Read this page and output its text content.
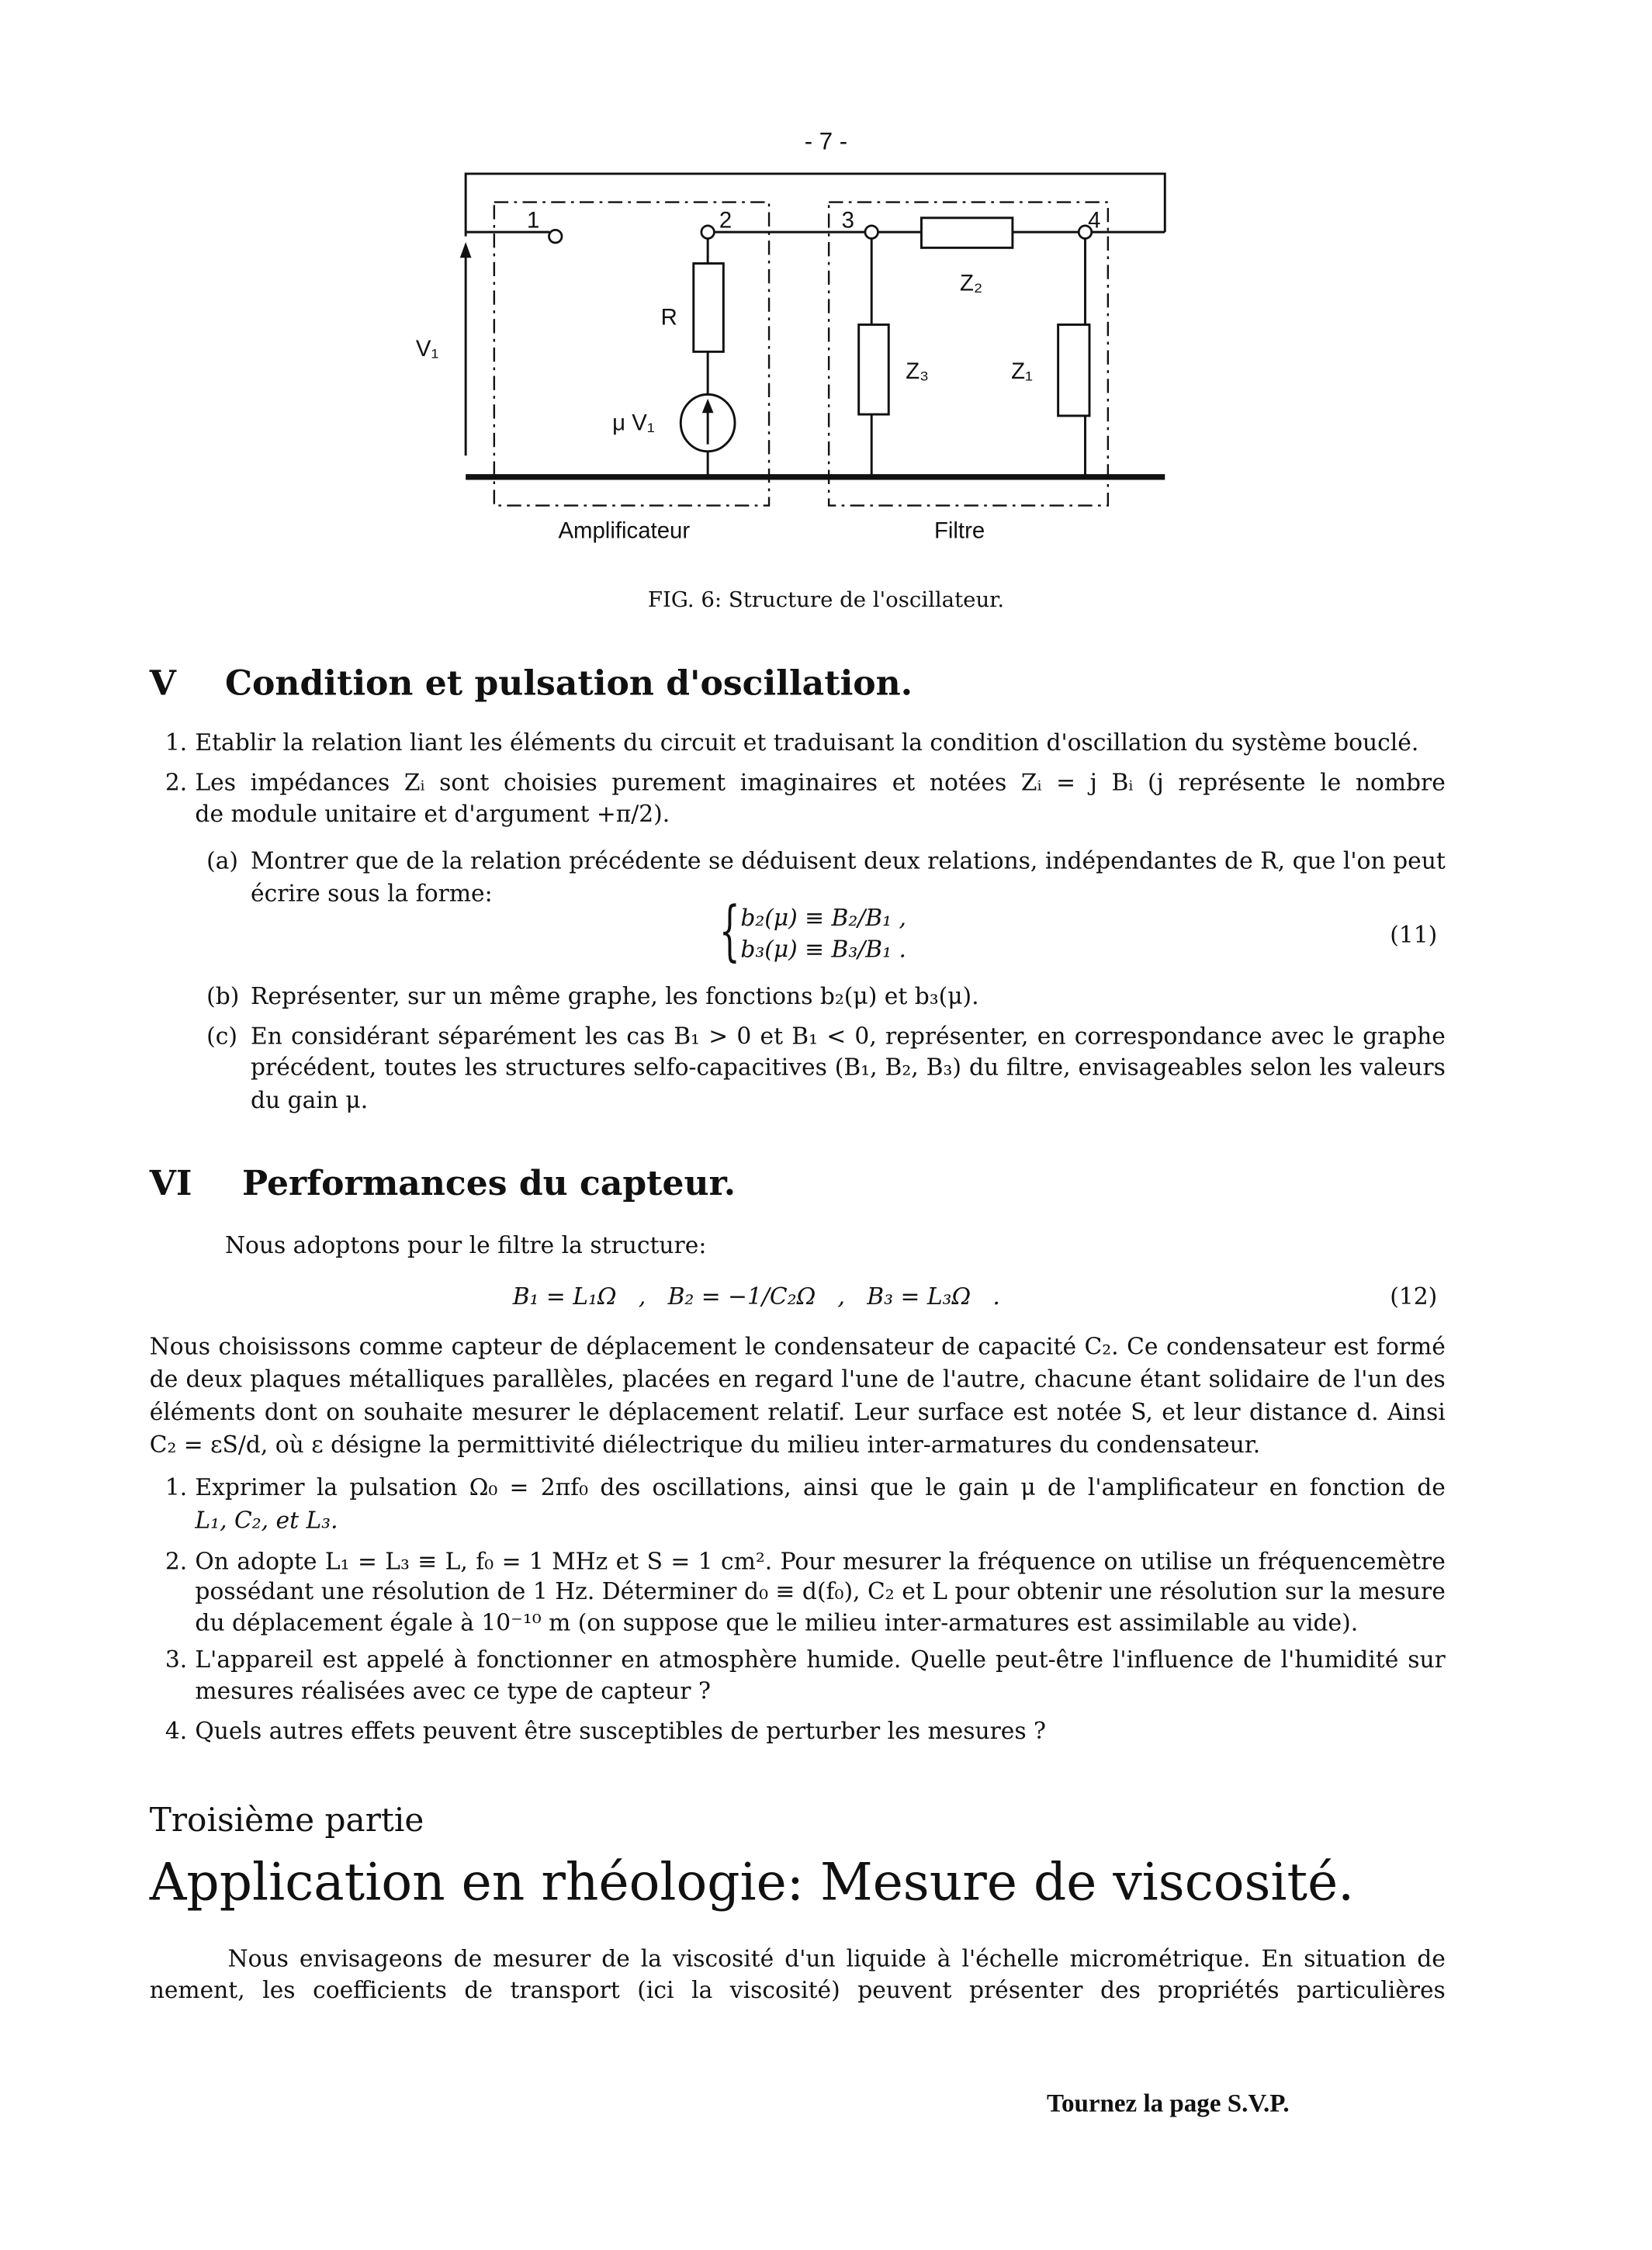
- 7 -
1	2	3	4
V₁
R
μ V₁
Z₂
Z₃	Z₁
Amplificateur	Filtre
FIG. 6: Structure de l'oscillateur.
V	Condition et pulsation d'oscillation.
1. Etablir la relation liant les éléments du circuit et traduisant la condition d'oscillation du système bouclé.
2. Les impédances Zᵢ sont choisies purement imaginaires et notées Zᵢ = j Bᵢ (j représente le nombre
de module unitaire et d'argument +π/2).
(a) Montrer que de la relation précédente se déduisent deux relations, indépendantes de R, que l'on peut
écrire sous la forme:	{ b₂(μ) ≡ B₂/B₁ ,
b₃(μ) ≡ B₃/B₁ .
(11)
(b) Représenter, sur un même graphe, les fonctions b₂(μ) et b₃(μ).
(c) En considérant séparément les cas B₁ > 0 et B₁ < 0, représenter, en correspondance avec le graphe
précédent, toutes les structures selfo-capacitives (B₁, B₂, B₃) du filtre, envisageables selon les valeurs
du gain μ.
VI	Performances du capteur.
Nous adoptons pour le filtre la structure:
B₁ = L₁Ω   ,   B₂ = −1/C₂Ω   ,   B₃ = L₃Ω   .	(12)
Nous choisissons comme capteur de déplacement le condensateur de capacité C₂. Ce condensateur est formé
de deux plaques métalliques parallèles, placées en regard l'une de l'autre, chacune étant solidaire de l'un des
éléments dont on souhaite mesurer le déplacement relatif. Leur surface est notée S, et leur distance d. Ainsi
C₂ = εS/d, où ε désigne la permittivité diélectrique du milieu inter-armatures du condensateur.
1. Exprimer la pulsation Ω₀ = 2πf₀ des oscillations, ainsi que le gain μ de l'amplificateur en fonction de
L₁, C₂, et L₃.
2. On adopte L₁ = L₃ ≡ L, f₀ = 1 MHz et S = 1 cm². Pour mesurer la fréquence on utilise un fréquencemètre
possédant une résolution de 1 Hz. Déterminer d₀ ≡ d(f₀), C₂ et L pour obtenir une résolution sur la mesure
du déplacement égale à 10⁻¹⁰ m (on suppose que le milieu inter-armatures est assimilable au vide).
3. L'appareil est appelé à fonctionner en atmosphère humide. Quelle peut-être l'influence de l'humidité sur
mesures réalisées avec ce type de capteur ?
4. Quels autres effets peuvent être susceptibles de perturber les mesures ?
Troisième partie
Application en rhéologie: Mesure de viscosité.
Nous envisageons de mesurer de la viscosité d'un liquide à l'échelle micrométrique. En situation de
nement, les coefficients de transport (ici la viscosité) peuvent présenter des propriétés particulières
Tournez la page S.V.P.
